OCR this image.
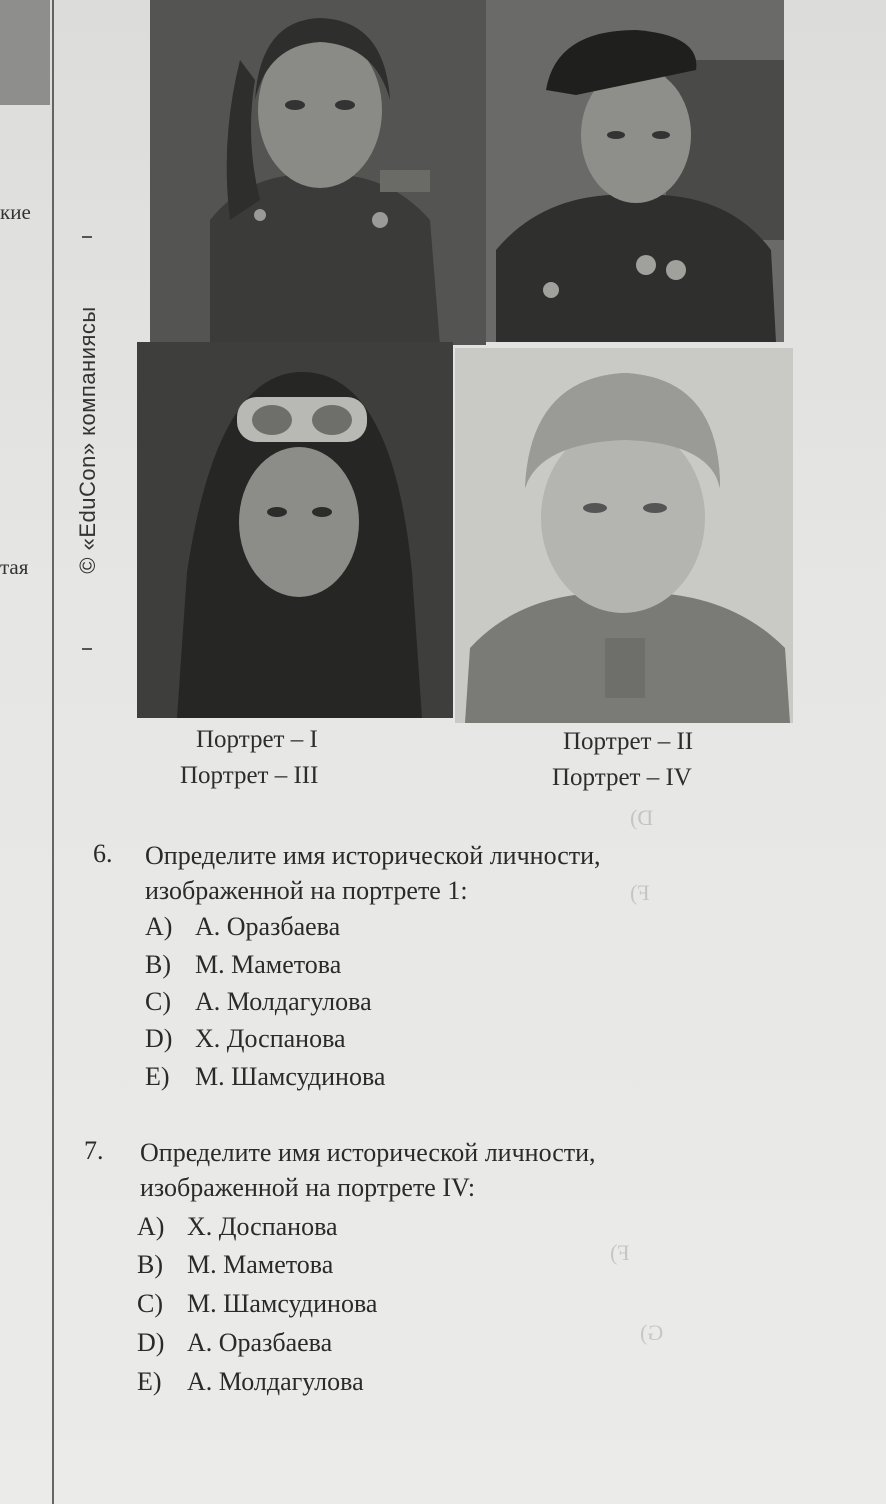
кие
тая © «EduCon» компаниясы
D)
F)
F)
G)
Портрет – I	Портрет – II
Портрет – III	Портрет – IV
6. Определите имя исторической личности,
изображенной на портрете 1:
A) А. Оразбаева
B) М. Маметова
C) А. Молдагулова
D) Х. Доспанова
E) М. Шамсудинова
7. Определите имя исторической личности,
изображенной на портрете IV:
A) Х. Доспанова
B) М. Маметова
C) М. Шамсудинова
D) А. Оразбаева
E) А. Молдагулова
